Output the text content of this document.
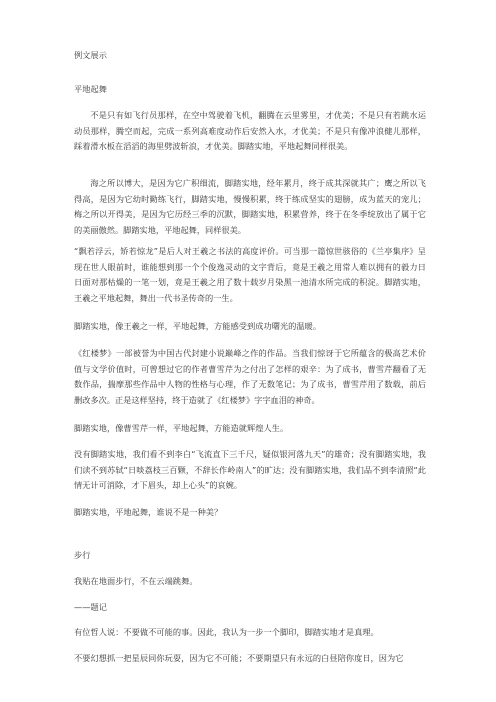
例文展示
平地起舞
不是只有如飞行员那样，在空中驾驶着飞机，翻腾在云里雾里，才优美；不是只有若跳水运动员那样，腾空而起，完成一系列高难度动作后安然入水，才优美；不是只有像冲浪健儿那样，踩着滑水板在滔滔的海里劈波斩浪，才优美。脚踏实地，平地起舞同样很美。
海之所以博大，是因为它广积细流，脚踏实地，经年累月，终于成其深就其广；鹰之所以飞得高，是因为它幼时勤练飞行，脚踏实地，慢慢积累，终于练成坚实的翅膀，成为蓝天的宠儿；梅之所以开得美，是因为它历经三季的沉默，脚踏实地，积累营养，终于在冬季绽放出了属于它的美丽傲然。脚踏实地，平地起舞，同样很美。
“飘若浮云，矫若惊龙”是后人对王羲之书法的高度评价。可当那一篇惊世骇俗的《兰亭集序》呈现在世人眼前时，谁能想到那一个个俊逸灵动的文字背后，竟是王羲之用常人难以拥有的毅力日日面对那枯燥的一笔一划，竟是王羲之用了数十载岁月染黑一池清水所完成的积淀。脚踏实地，王羲之平地起舞，舞出一代书圣传奇的一生。
脚踏实地，像王羲之一样，平地起舞，方能感受到成功曙光的温暖。
《红楼梦》一部被誉为中国古代封建小说巅峰之作的作品。当我们惊讶于它所蕴含的极高艺术价值与文学价值时，可曾想过它的作者曹雪芹为之付出了怎样的艰辛：为了成书，曹雪芹翻看了无数作品，揣摩那些作品中人物的性格与心理，作了无数笔记；为了成书，曹雪芹用了数载，前后删改多次。正是这样坚持，终于造就了《红楼梦》字字血泪的神奇。
脚踏实地，像曹雪芹一样，平地起舞，方能造就辉煌人生。
没有脚踏实地，我们看不到李白“飞流直下三千尺，疑似银河落九天”的雄奇；没有脚踏实地，我们读不到苏轼“日啖荔枝三百颗，不辞长作岭南人”的旷达；没有脚踏实地，我们品不到李清照“此情无计可消除，才下眉头，却上心头”的哀婉。
脚踏实地，平地起舞，谁说不是一种美？
步行
我贴在地面步行，不在云端跳舞。
——题记
有位哲人说：不要做不可能的事。因此，我认为一步一个脚印，脚踏实地才是真理。
不要幻想抓一把星辰同你玩耍，因为它不可能；不要期望只有永远的白昼陪你度日，因为它
